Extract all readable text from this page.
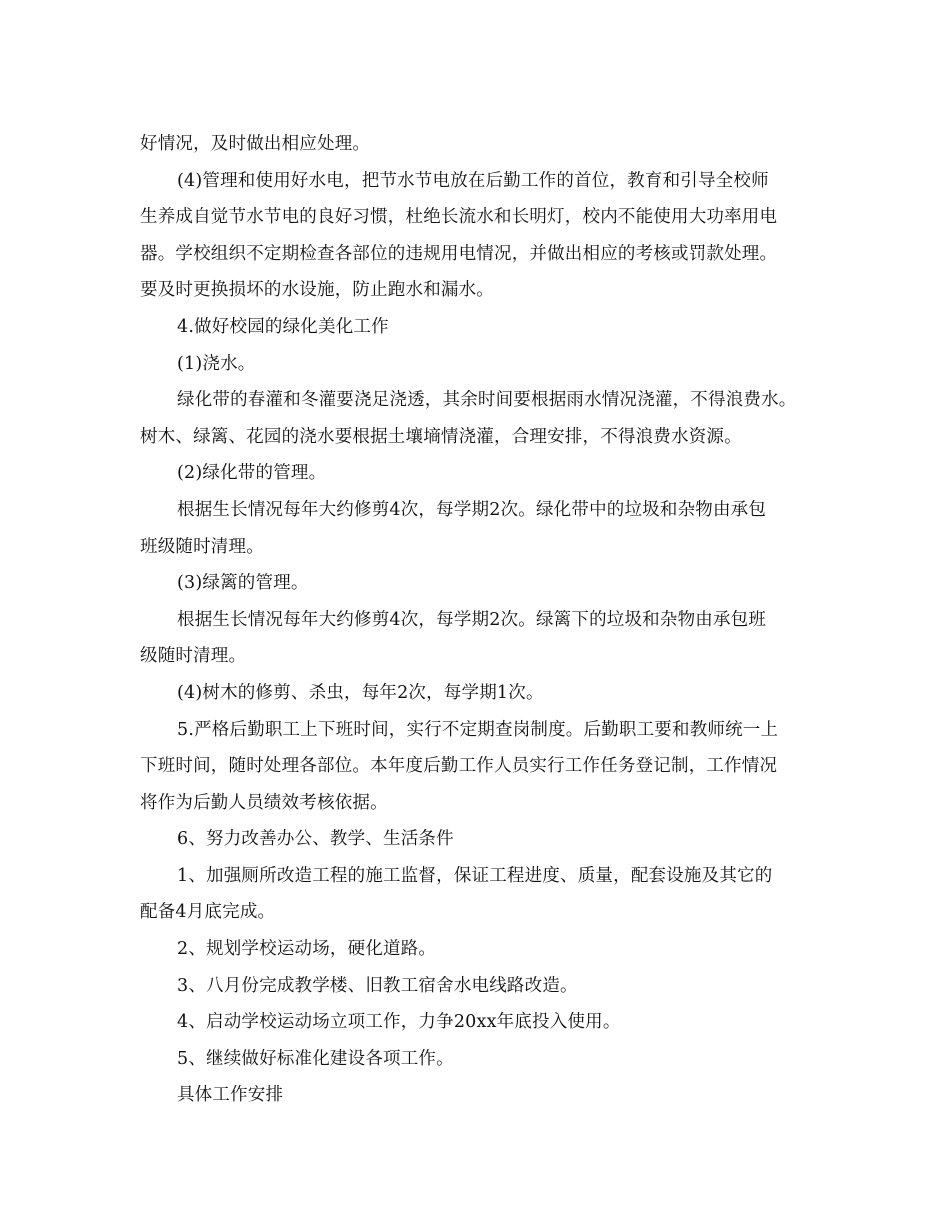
好情况，及时做出相应处理。
(4)管理和使用好水电，把节水节电放在后勤工作的首位，教育和引导全校师
生养成自觉节水节电的良好习惯，杜绝长流水和长明灯，校内不能使用大功率用电
器。学校组织不定期检查各部位的违规用电情况，并做出相应的考核或罚款处理。
要及时更换损坏的水设施，防止跑水和漏水。
4.做好校园的绿化美化工作
(1)浇水。
绿化带的春灌和冬灌要浇足浇透，其余时间要根据雨水情况浇灌，不得浪费水。
树木、绿篱、花园的浇水要根据土壤墒情浇灌，合理安排，不得浪费水资源。
(2)绿化带的管理。
根据生长情况每年大约修剪4次，每学期2次。绿化带中的垃圾和杂物由承包
班级随时清理。
(3)绿篱的管理。
根据生长情况每年大约修剪4次，每学期2次。绿篱下的垃圾和杂物由承包班
级随时清理。
(4)树木的修剪、杀虫，每年2次，每学期1次。
5.严格后勤职工上下班时间，实行不定期查岗制度。后勤职工要和教师统一上
下班时间，随时处理各部位。本年度后勤工作人员实行工作任务登记制，工作情况
将作为后勤人员绩效考核依据。
6、努力改善办公、教学、生活条件
1、加强厕所改造工程的施工监督，保证工程进度、质量，配套设施及其它的
配备4月底完成。
2、规划学校运动场，硬化道路。
3、八月份完成教学楼、旧教工宿舍水电线路改造。
4、启动学校运动场立项工作，力争20xx年底投入使用。
5、继续做好标准化建设各项工作。
具体工作安排
